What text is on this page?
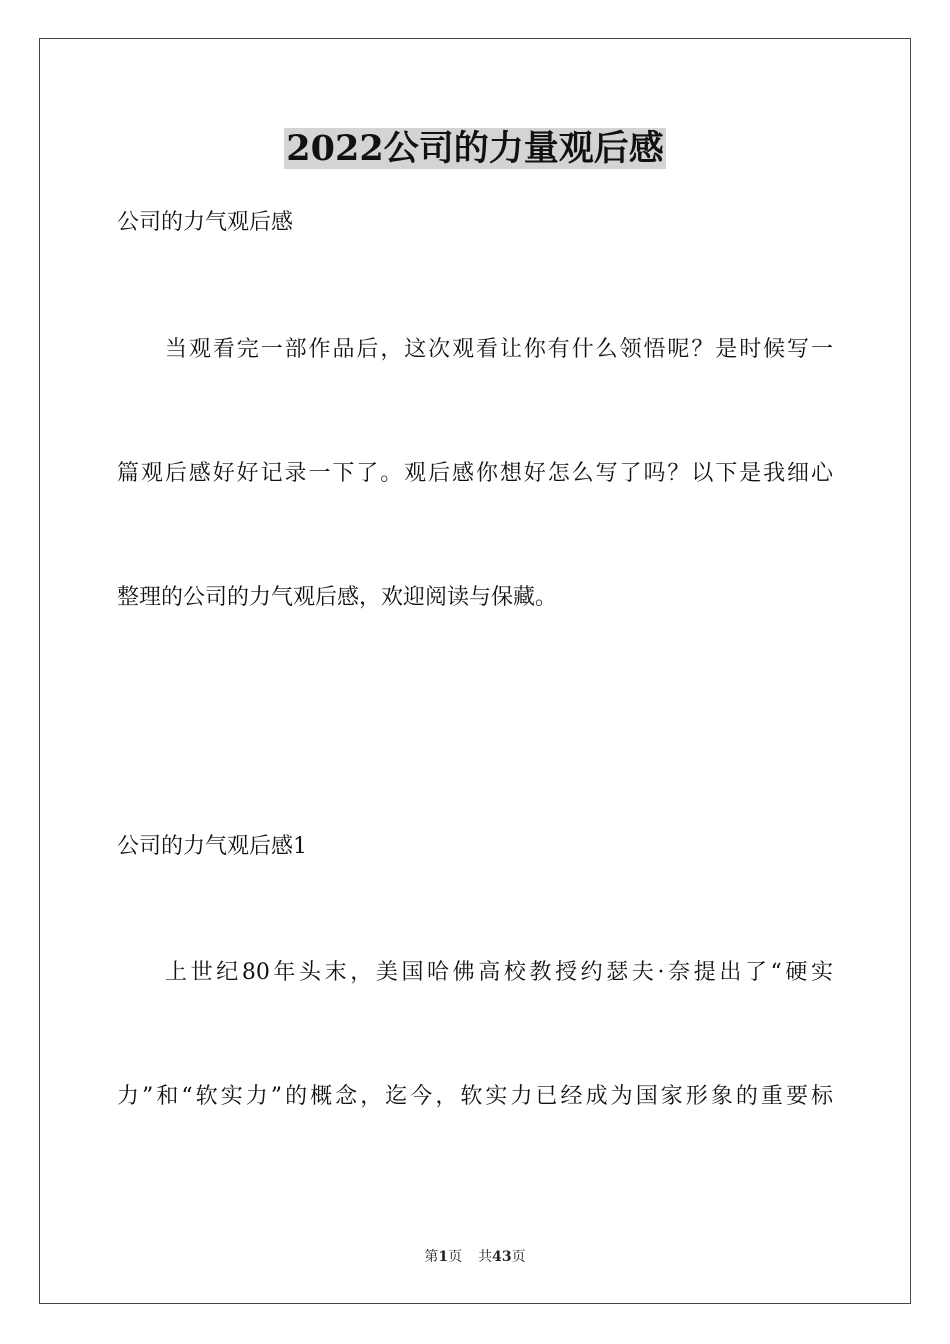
2022公司的力量观后感
公司的力气观后感
当观看完一部作品后，这次观看让你有什么领悟呢？是时候写一
篇观后感好好记录一下了。观后感你想好怎么写了吗？以下是我细心
整理的公司的力气观后感，欢迎阅读与保藏。
公司的力气观后感1
上世纪80年头末，美国哈佛高校教授约瑟夫·奈提出了“硬实
力”和“软实力”的概念，迄今，软实力已经成为国家形象的重要标
第1页 共43页
